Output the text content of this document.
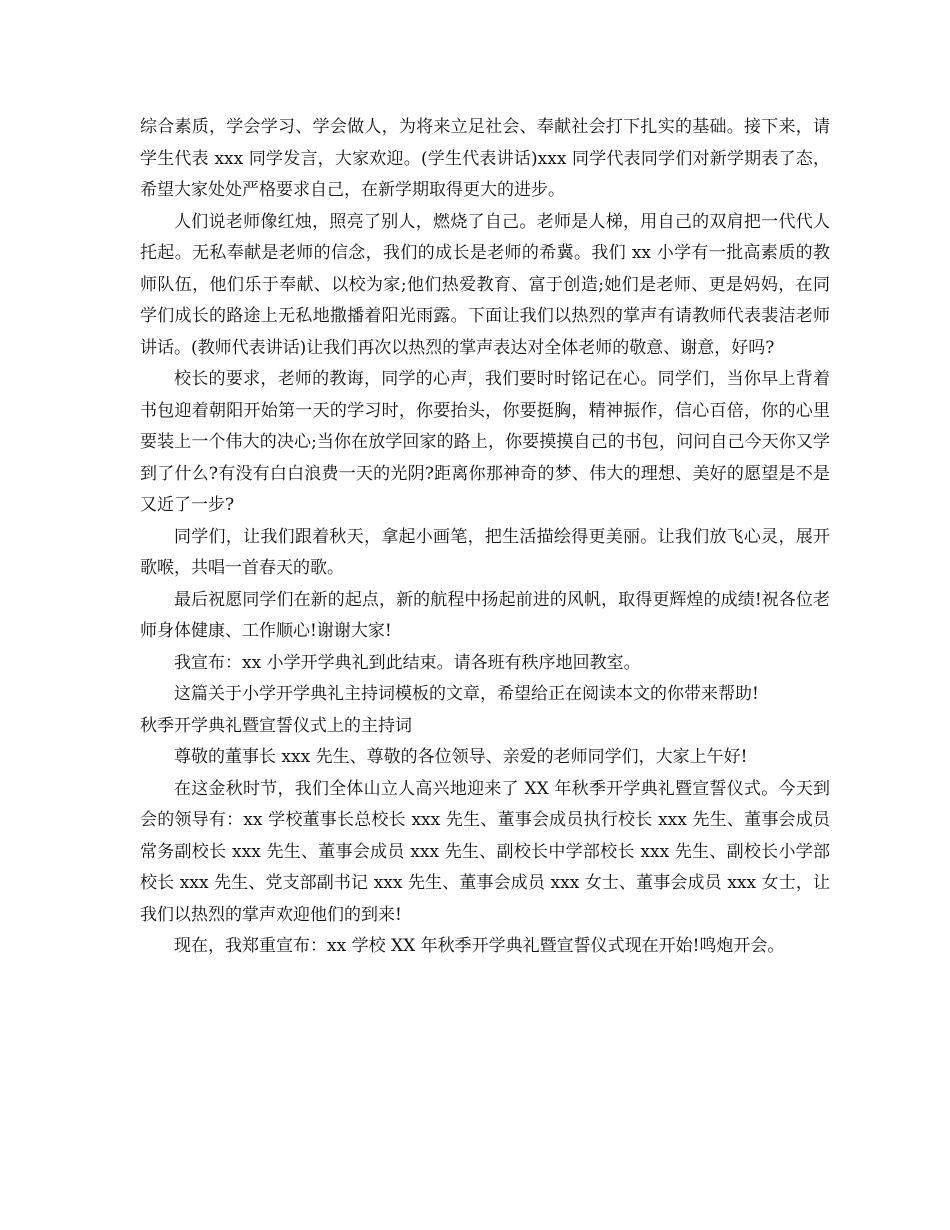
综合素质，学会学习、学会做人，为将来立足社会、奉献社会打下扎实的基础。接下来，请学生代表 xxx 同学发言，大家欢迎。(学生代表讲话)xxx 同学代表同学们对新学期表了态，希望大家处处严格要求自己，在新学期取得更大的进步。

人们说老师像红烛，照亮了别人，燃烧了自己。老师是人梯，用自己的双肩把一代代人托起。无私奉献是老师的信念，我们的成长是老师的希冀。我们 xx 小学有一批高素质的教师队伍，他们乐于奉献、以校为家;他们热爱教育、富于创造;她们是老师、更是妈妈，在同学们成长的路途上无私地撒播着阳光雨露。下面让我们以热烈的掌声有请教师代表裴洁老师讲话。(教师代表讲话)让我们再次以热烈的掌声表达对全体老师的敬意、谢意，好吗?

校长的要求，老师的教诲，同学的心声，我们要时时铭记在心。同学们，当你早上背着书包迎着朝阳开始第一天的学习时，你要抬头，你要挺胸，精神振作，信心百倍，你的心里要装上一个伟大的决心;当你在放学回家的路上，你要摸摸自己的书包，问问自己今天你又学到了什么?有没有白白浪费一天的光阴?距离你那神奇的梦、伟大的理想、美好的愿望是不是又近了一步?

同学们，让我们跟着秋天，拿起小画笔，把生活描绘得更美丽。让我们放飞心灵，展开歌喉，共唱一首春天的歌。

最后祝愿同学们在新的起点，新的航程中扬起前进的风帆，取得更辉煌的成绩!祝各位老师身体健康、工作顺心!谢谢大家!

我宣布：xx 小学开学典礼到此结束。请各班有秩序地回教室。

这篇关于小学开学典礼主持词模板的文章，希望给正在阅读本文的你带来帮助!

秋季开学典礼暨宣誓仪式上的主持词

尊敬的董事长 xxx 先生、尊敬的各位领导、亲爱的老师同学们，大家上午好!

在这金秋时节，我们全体山立人高兴地迎来了 XX 年秋季开学典礼暨宣誓仪式。今天到会的领导有：xx 学校董事长总校长 xxx 先生、董事会成员执行校长 xxx 先生、董事会成员常务副校长 xxx 先生、董事会成员 xxx 先生、副校长中学部校长 xxx 先生、副校长小学部校长 xxx 先生、党支部副书记 xxx 先生、董事会成员 xxx 女士、董事会成员 xxx 女士，让我们以热烈的掌声欢迎他们的到来!

现在，我郑重宣布：xx 学校 XX 年秋季开学典礼暨宣誓仪式现在开始!鸣炮开会。
